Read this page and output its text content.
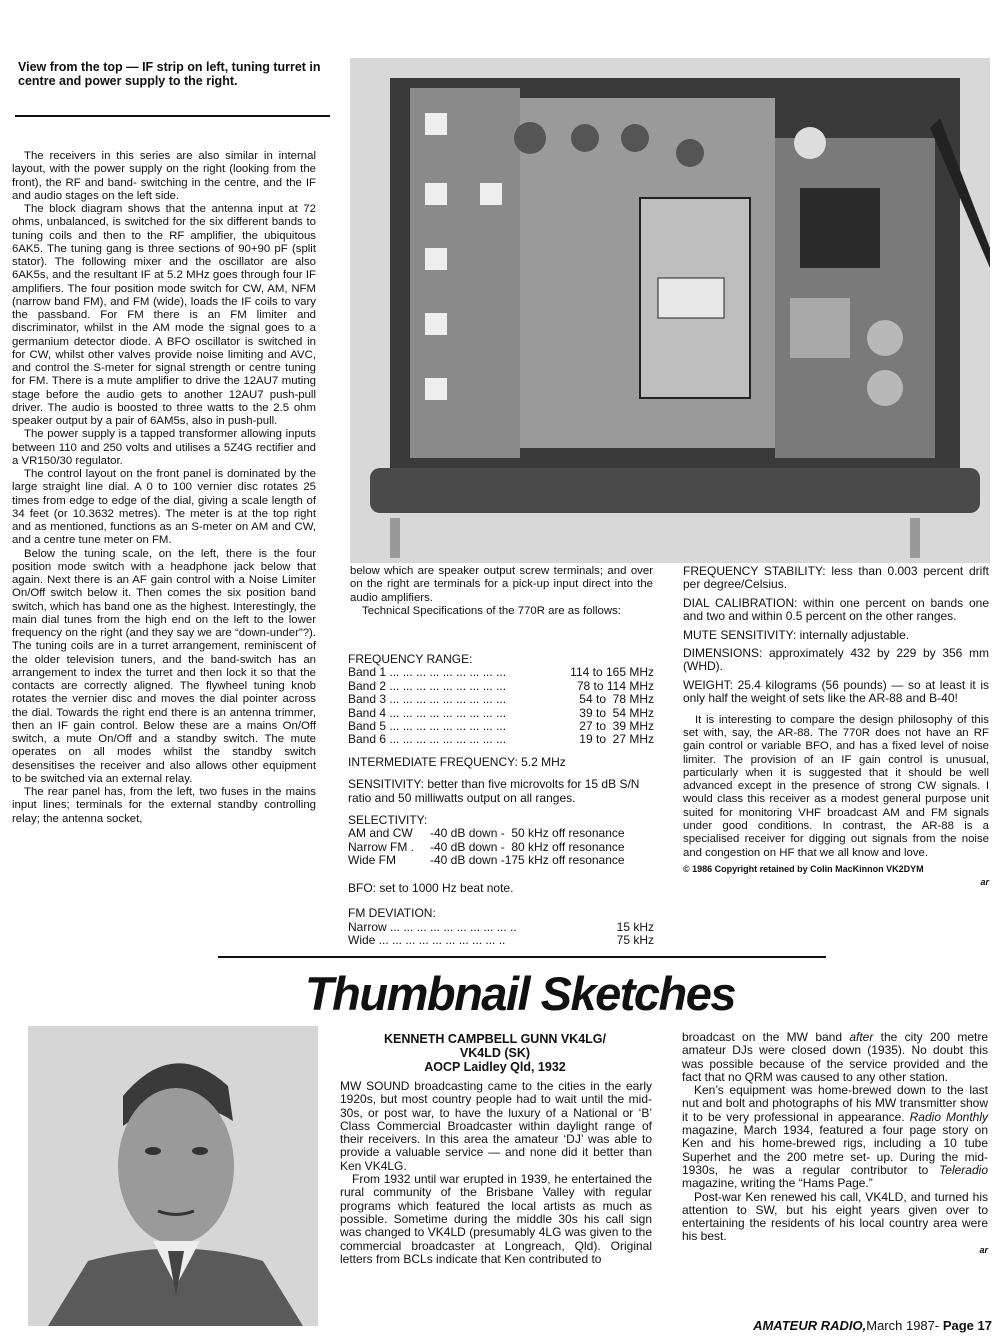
View from the top — IF strip on left, tuning turret in centre and power supply to the right.

The receivers in this series are also similar in internal layout, with the power supply on the right (looking from the front), the RF and band- switching in the centre, and the IF and audio stages on the left side.

The block diagram shows that the antenna input at 72 ohms, unbalanced, is switched for the six different bands to tuning coils and then to the RF amplifier, the ubiquitous 6AK5. The tuning gang is three sections of 90+90 pF (split stator). The following mixer and the oscillator are also 6AK5s, and the resultant IF at 5.2 MHz goes through four IF amplifiers. The four position mode switch for CW, AM, NFM (narrow band FM), and FM (wide), loads the IF coils to vary the passband. For FM there is an FM limiter and discriminator, whilst in the AM mode the signal goes to a germanium detector diode. A BFO oscillator is switched in for CW, whilst other valves provide noise limiting and AVC, and control the S-meter for signal strength or centre tuning for FM. There is a mute amplifier to drive the 12AU7 muting stage before the audio gets to another 12AU7 push-pull driver. The audio is boosted to three watts to the 2.5 ohm speaker output by a pair of 6AM5s, also in push-pull.

The power supply is a tapped transformer allowing inputs between 110 and 250 volts and utilises a 5Z4G rectifier and a VR150/30 regulator.

The control layout on the front panel is dominated by the large straight line dial. A 0 to 100 vernier disc rotates 25 times from edge to edge of the dial, giving a scale length of 34 feet (or 10.3632 metres). The meter is at the top right and as mentioned, functions as an S-meter on AM and CW, and a centre tune meter on FM.

Below the tuning scale, on the left, there is the four position mode switch with a headphone jack below that again. Next there is an AF gain control with a Noise Limiter On/Off switch below it. Then comes the six position band switch, which has band one as the highest. Interestingly, the main dial tunes from the high end on the left to the lower frequency on the right (and they say we are “down-under”?). The tuning coils are in a turret arrangement, reminiscent of the older television tuners, and the band-switch has an arrangement to index the turret and then lock it so that the contacts are correctly aligned. The flywheel tuning knob rotates the vernier disc and moves the dial pointer across the dial. Towards the right end there is an antenna trimmer, then an IF gain control. Below these are a mains On/Off switch, a mute On/Off and a standby switch. The mute operates on all modes whilst the standby switch desensitises the receiver and also allows other equipment to be switched via an external relay.

The rear panel has, from the left, two fuses in the mains input lines; terminals for the external standby controlling relay; the antenna socket,

below which are speaker output screw terminals; and over on the right are terminals for a pick-up input direct into the audio amplifiers.

Technical Specifications of the 770R are as follows:

FREQUENCY RANGE:
Band 1 ... ... ... ... ... ... ... ... ...	114 to 165 MHz
Band 2 ... ... ... ... ... ... ... ... ...	78 to 114 MHz
Band 3 ... ... ... ... ... ... ... ... ...	54 to  78 MHz
Band 4 ... ... ... ... ... ... ... ... ...	39 to  54 MHz
Band 5 ... ... ... ... ... ... ... ... ...	27 to  39 MHz
Band 6 ... ... ... ... ... ... ... ... ...	19 to  27 MHz
INTERMEDIATE FREQUENCY: 5.2 MHz
SENSITIVITY: better than five microvolts for 15 dB S/N ratio and 50 milliwatts output on all ranges.
SELECTIVITY:
AM and CW	-40 dB down -  50 kHz off resonance
Narrow FM .	-40 dB down -  80 kHz off resonance
Wide FM	-40 dB down -175 kHz off resonance
BFO: set to 1000 Hz beat note.
FM DEVIATION:
Narrow ... ... ... ... ... ... ... ... ... ..	15 kHz
Wide ... ... ... ... ... ... ... ... ... ..	75 kHz

FREQUENCY STABILITY: less than 0.003 percent drift per degree/Celsius.

DIAL CALIBRATION: within one percent on bands one and two and within 0.5 percent on the other ranges.

MUTE SENSITIVITY: internally adjustable.

DIMENSIONS: approximately 432 by 229 by 356 mm (WHD).

WEIGHT: 25.4 kilograms (56 pounds) — so at least it is only half the weight of sets like the AR-88 and B-40!

It is interesting to compare the design philosophy of this set with, say, the AR-88. The 770R does not have an RF gain control or variable BFO, and has a fixed level of noise limiter. The provision of an IF gain control is unusual, particularly when it is suggested that it should be well advanced except in the presence of strong CW signals. I would class this receiver as a modest general purpose unit suited for monitoring VHF broadcast AM and FM signals under good conditions. In contrast, the AR-88 is a specialised receiver for digging out signals from the noise and congestion on HF that we all know and love.

© 1986 Copyright retained by Colin MacKinnon VK2DYM
ar
Thumbnail Sketches
KENNETH CAMPBELL GUNN VK4LG/
VK4LD (SK)
AOCP Laidley Qld, 1932

MW SOUND broadcasting came to the cities in the early 1920s, but most country people had to wait until the mid-30s, or post war, to have the luxury of a National or ‘B’ Class Commercial Broadcaster within daylight range of their receivers. In this area the amateur ‘DJ’ was able to provide a valuable service — and none did it better than Ken VK4LG.

From 1932 until war erupted in 1939, he entertained the rural community of the Brisbane Valley with regular programs which featured the local artists as much as possible. Sometime during the middle 30s his call sign was changed to VK4LD (presumably 4LG was given to the commercial broadcaster at Longreach, Qld). Original letters from BCLs indicate that Ken contributed to

broadcast on the MW band after the city 200 metre amateur DJs were closed down (1935). No doubt this was possible because of the service provided and the fact that no QRM was caused to any other station.

Ken’s equipment was home-brewed down to the last nut and bolt and photographs of his MW transmitter show it to be very professional in appearance. Radio Monthly magazine, March 1934, featured a four page story on Ken and his home-brewed rigs, including a 10 tube Superhet and the 200 metre set- up. During the mid-1930s, he was a regular contributor to Teleradio magazine, writing the “Hams Page.”

Post-war Ken renewed his call, VK4LD, and turned his attention to SW, but his eight years given over to entertaining the residents of his local country area were his best.

ar
AMATEUR RADIO,March 1987- Page 17
